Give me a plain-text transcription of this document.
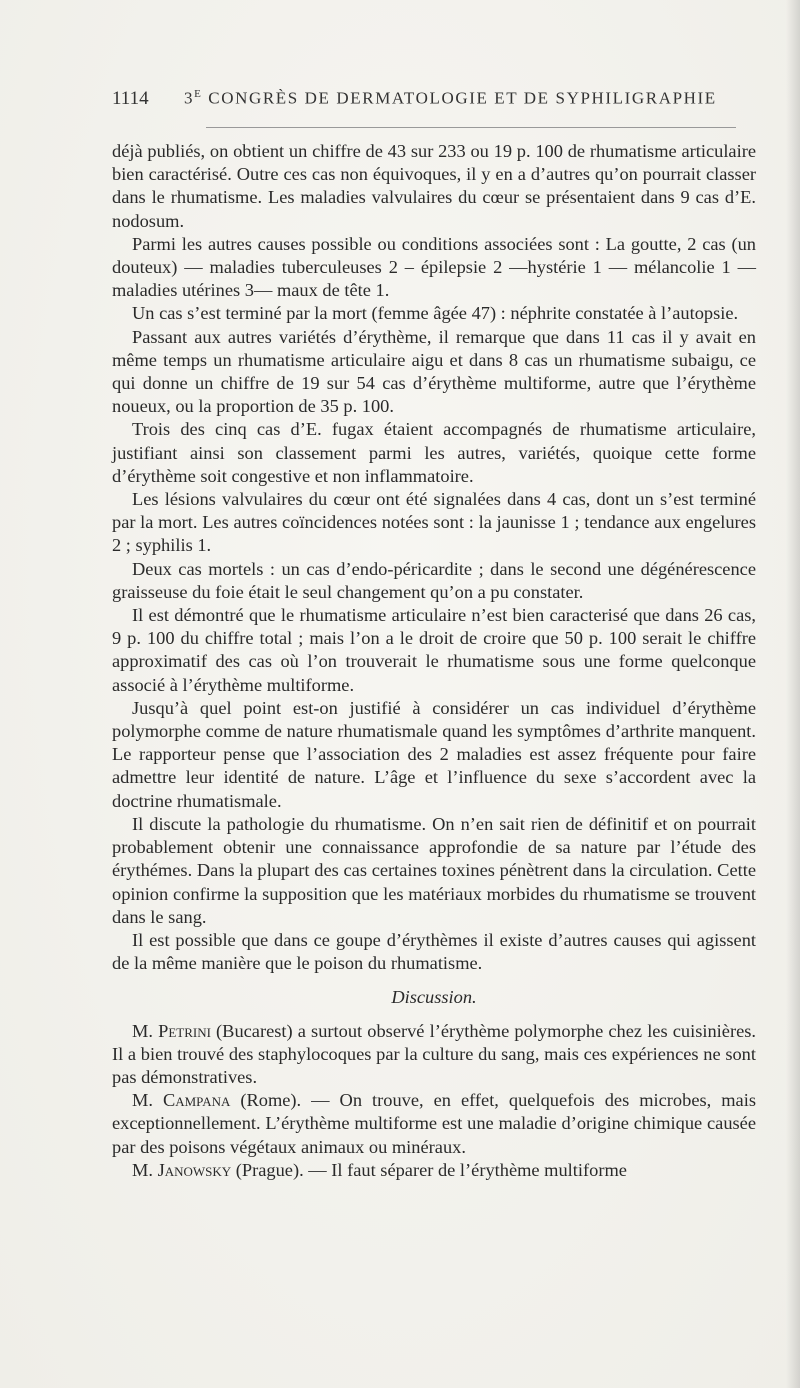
1114 $3^E$ CONGRÈS DE DERMATOLOGIE ET DE SYPHILIGRAPHIE

déjà publiés, on obtient un chiffre de 43 sur 233 ou 19 p. 100 de rhumatisme articulaire bien caractérisé. Outre ces cas non équivoques, il y en a d’autres qu’on pourrait classer dans le rhumatisme. Les maladies valvulaires du cœur se présentaient dans 9 cas d’E. nodosum.

Parmi les autres causes possible ou conditions associées sont : La goutte, 2 cas (un douteux) — maladies tuberculeuses 2 – épilepsie 2 —hystérie 1 — mélancolie 1 — maladies utérines 3— maux de tête 1.

Un cas s’est terminé par la mort (femme âgée 47) : néphrite constatée à l’autopsie.

Passant aux autres variétés d’érythème, il remarque que dans 11 cas il y avait en même temps un rhumatisme articulaire aigu et dans 8 cas un rhumatisme subaigu, ce qui donne un chiffre de 19 sur 54 cas d’érythème multiforme, autre que l’érythème noueux, ou la proportion de 35 p. 100.

Trois des cinq cas d’E. fugax étaient accompagnés de rhumatisme articulaire, justifiant ainsi son classement parmi les autres, variétés, quoique cette forme d’érythème soit congestive et non inflammatoire.

Les lésions valvulaires du cœur ont été signalées dans 4 cas, dont un s’est terminé par la mort. Les autres coïncidences notées sont : la jaunisse 1 ; tendance aux engelures 2 ; syphilis 1.

Deux cas mortels : un cas d’endo-péricardite ; dans le second une dégénérescence graisseuse du foie était le seul changement qu’on a pu constater.

Il est démontré que le rhumatisme articulaire n’est bien caracterisé que dans 26 cas, 9 p. 100 du chiffre total ; mais l’on a le droit de croire que 50 p. 100 serait le chiffre approximatif des cas où l’on trouverait le rhumatisme sous une forme quelconque associé à l’érythème multiforme.

Jusqu’à quel point est-on justifié à considérer un cas individuel d’érythème polymorphe comme de nature rhumatismale quand les symptômes d’arthrite manquent. Le rapporteur pense que l’association des 2 maladies est assez fréquente pour faire admettre leur identité de nature. L’âge et l’influence du sexe s’accordent avec la doctrine rhumatismale.

Il discute la pathologie du rhumatisme. On n’en sait rien de définitif et on pourrait probablement obtenir une connaissance approfondie de sa nature par l’étude des érythémes. Dans la plupart des cas certaines toxines pénètrent dans la circulation. Cette opinion confirme la supposition que les matériaux morbides du rhumatisme se trouvent dans le sang.

Il est possible que dans ce goupe d’érythèmes il existe d’autres causes qui agissent de la même manière que le poison du rhumatisme.

Discussion.

M. Petrini (Bucarest) a surtout observé l’érythème polymorphe chez les cuisinières. Il a bien trouvé des staphylocoques par la culture du sang, mais ces expériences ne sont pas démonstratives.

M. Campana (Rome). — On trouve, en effet, quelquefois des microbes, mais exceptionnellement. L’érythème multiforme est une maladie d’origine chimique causée par des poisons végétaux animaux ou minéraux.

M. Janowsky (Prague). — Il faut séparer de l’érythème multiforme
